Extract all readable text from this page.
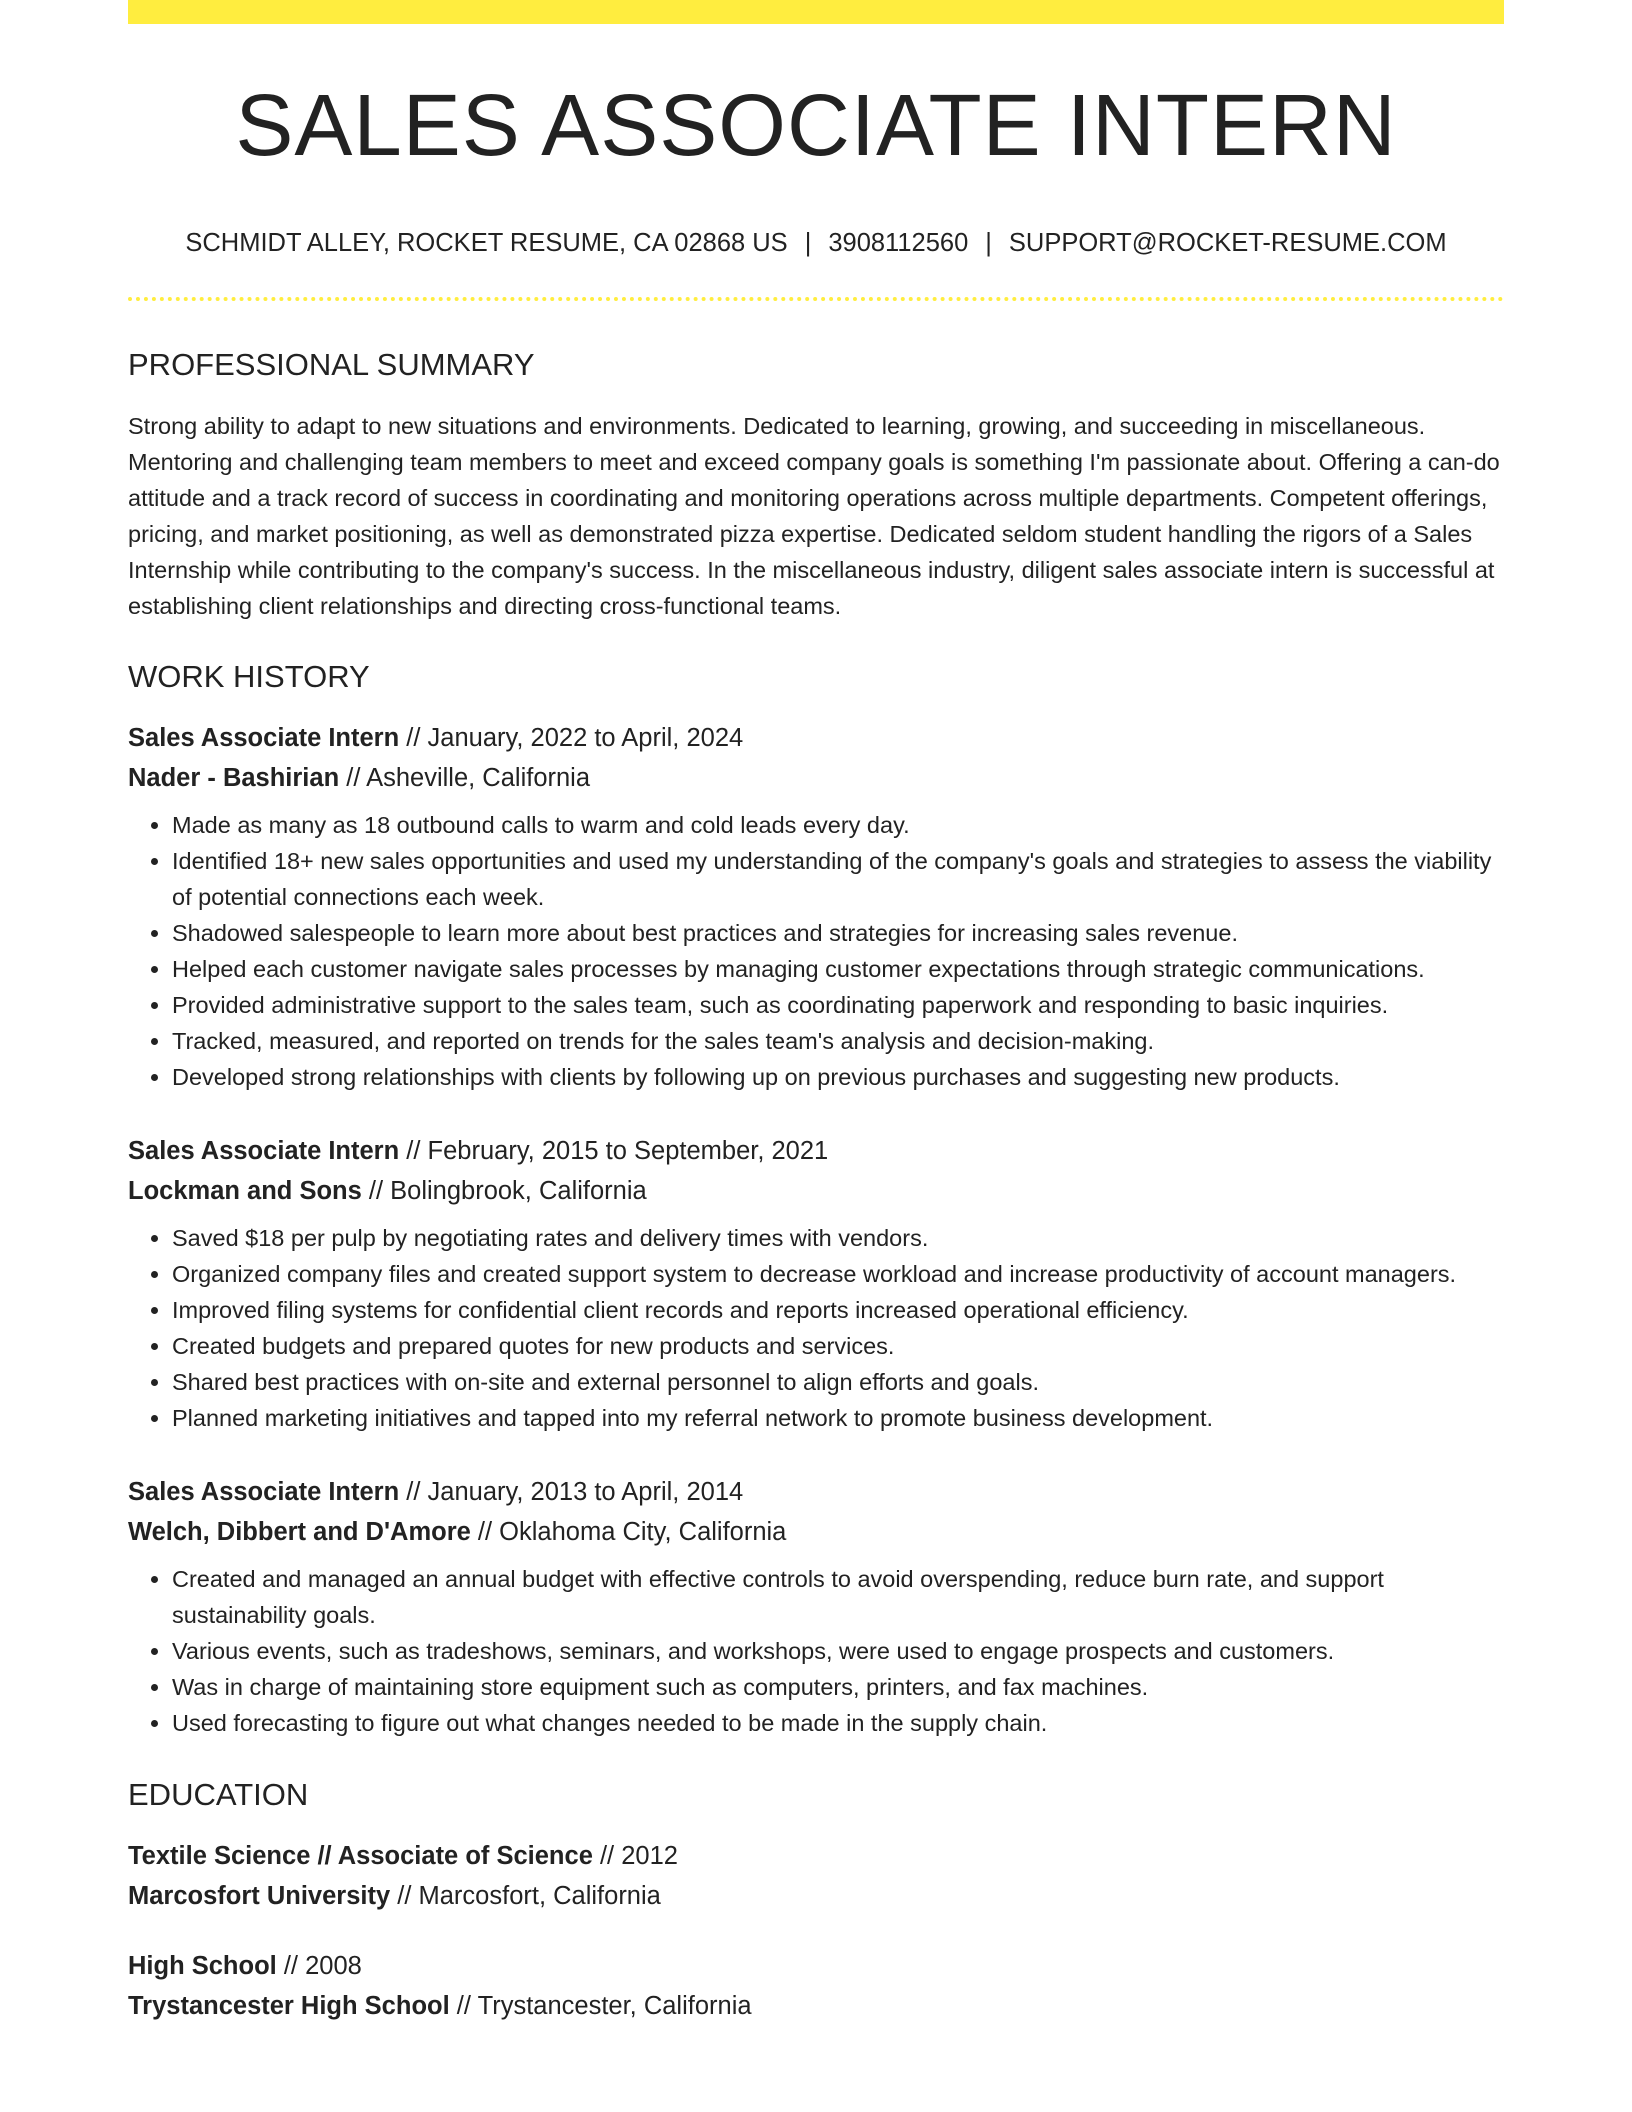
SALES ASSOCIATE INTERN
SCHMIDT ALLEY, ROCKET RESUME, CA 02868 US | 3908112560 | SUPPORT@ROCKET-RESUME.COM
PROFESSIONAL SUMMARY

Strong ability to adapt to new situations and environments. Dedicated to learning, growing, and succeeding in miscellaneous. Mentoring and challenging team members to meet and exceed company goals is something I'm passionate about. Offering a can-do attitude and a track record of success in coordinating and monitoring operations across multiple departments. Competent offerings, pricing, and market positioning, as well as demonstrated pizza expertise. Dedicated seldom student handling the rigors of a Sales Internship while contributing to the company's success. In the miscellaneous industry, diligent sales associate intern is successful at establishing client relationships and directing cross-functional teams.

WORK HISTORY
Sales Associate Intern // January, 2022 to April, 2024
Nader - Bashirian // Asheville, California
• Made as many as 18 outbound calls to warm and cold leads every day.
• Identified 18+ new sales opportunities and used my understanding of the company's goals and strategies to assess the viability of potential connections each week.
• Shadowed salespeople to learn more about best practices and strategies for increasing sales revenue.
• Helped each customer navigate sales processes by managing customer expectations through strategic communications.
• Provided administrative support to the sales team, such as coordinating paperwork and responding to basic inquiries.
• Tracked, measured, and reported on trends for the sales team's analysis and decision-making.
• Developed strong relationships with clients by following up on previous purchases and suggesting new products.
Sales Associate Intern // February, 2015 to September, 2021
Lockman and Sons // Bolingbrook, California
• Saved $18 per pulp by negotiating rates and delivery times with vendors.
• Organized company files and created support system to decrease workload and increase productivity of account managers.
• Improved filing systems for confidential client records and reports increased operational efficiency.
• Created budgets and prepared quotes for new products and services.
• Shared best practices with on-site and external personnel to align efforts and goals.
• Planned marketing initiatives and tapped into my referral network to promote business development.
Sales Associate Intern // January, 2013 to April, 2014
Welch, Dibbert and D'Amore // Oklahoma City, California
• Created and managed an annual budget with effective controls to avoid overspending, reduce burn rate, and support sustainability goals.
• Various events, such as tradeshows, seminars, and workshops, were used to engage prospects and customers.
• Was in charge of maintaining store equipment such as computers, printers, and fax machines.
• Used forecasting to figure out what changes needed to be made in the supply chain.
EDUCATION
Textile Science // Associate of Science // 2012
Marcosfort University // Marcosfort, California
High School // 2008
Trystancester High School // Trystancester, California
